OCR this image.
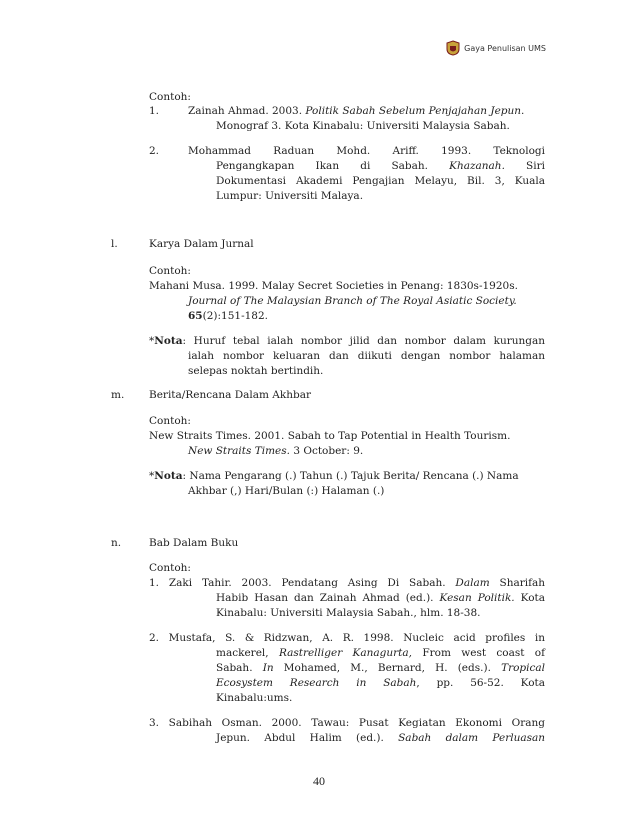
Gaya Penulisan UMS
Contoh:
1.	Zainah Ahmad. 2003. Politik Sabah Sebelum Penjajahan Jepun.
Monograf 3. Kota Kinabalu: Universiti Malaysia Sabah.
2.	Mohammad Raduan Mohd. Ariff. 1993. Teknologi
Pengangkapan Ikan di Sabah. Khazanah. Siri
Dokumentasi Akademi Pengajian Melayu, Bil. 3, Kuala
Lumpur: Universiti Malaya.
l.	Karya Dalam Jurnal
Contoh:
Mahani Musa. 1999. Malay Secret Societies in Penang: 1830s-1920s.
Journal of The Malaysian Branch of The Royal Asiatic Society.
65(2):151-182.
*Nota: Huruf tebal ialah nombor jilid dan nombor dalam kurungan
ialah nombor keluaran dan diikuti dengan nombor halaman
selepas noktah bertindih.
m. Berita/Rencana Dalam Akhbar
Contoh:
New Straits Times. 2001. Sabah to Tap Potential in Health Tourism.
New Straits Times. 3 October: 9.
*Nota: Nama Pengarang (.) Tahun (.) Tajuk Berita/ Rencana (.) Nama
Akhbar (,) Hari/Bulan (:) Halaman (.)
n.	Bab Dalam Buku
Contoh:
1. Zaki Tahir. 2003. Pendatang Asing Di Sabah. Dalam Sharifah
Habib Hasan dan Zainah Ahmad (ed.). Kesan Politik. Kota
Kinabalu: Universiti Malaysia Sabah., hlm. 18-38.
2. Mustafa, S. & Ridzwan, A. R. 1998. Nucleic acid profiles in
mackerel, Rastrelliger Kanagurta, From west coast of
Sabah. In Mohamed, M., Bernard, H. (eds.). Tropical
Ecosystem Research in Sabah, pp. 56-52. Kota
Kinabalu:ums.
3. Sabihah Osman. 2000. Tawau: Pusat Kegiatan Ekonomi Orang
Jepun. Abdul Halim (ed.). Sabah dalam Perluasan
40
